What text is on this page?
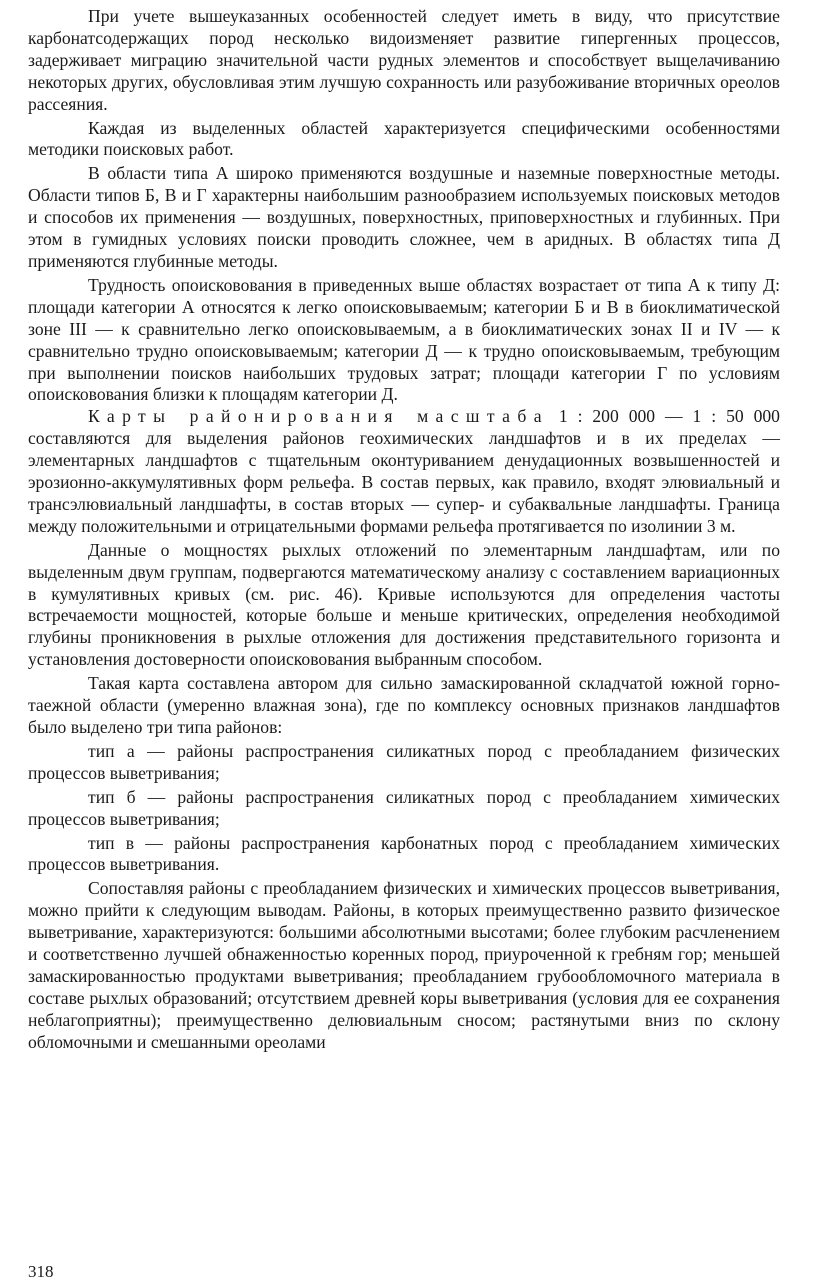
При учете вышеуказанных особенностей следует иметь в виду, что присутствие карбонатсодержащих пород несколько видоизменяет развитие гипергенных процессов, задерживает миграцию значительной части рудных элементов и способствует выщелачиванию некоторых других, обусловливая этим лучшую сохранность или разубоживание вторичных ореолов рассеяния.

Каждая из выделенных областей характеризуется специфическими особенностями методики поисковых работ.

В области типа А широко применяются воздушные и наземные поверхностные методы. Области типов Б, В и Г характерны наибольшим разнообразием используемых поисковых методов и способов их применения — воздушных, поверхностных, приповерхностных и глубинных. При этом в гумидных условиях поиски проводить сложнее, чем в аридных. В областях типа Д применяются глубинные методы.

Трудность опоисковования в приведенных выше областях возрастает от типа А к типу Д: площади категории А относятся к легко опоисковываемым; категории Б и В в биоклиматической зоне III — к сравнительно легко опоисковываемым, а в биоклиматических зонах II и IV — к сравнительно трудно опоисковываемым; категории Д — к трудно опоисковываемым, требующим при выполнении поисков наибольших трудовых затрат; площади категории Г по условиям опоисковования близки к площадям категории Д.

Карты районирования масштаба 1 : 200 000 — 1 : 50 000 составляются для выделения районов геохимических ландшафтов и в их пределах — элементарных ландшафтов с тщательным оконтуриванием денудационных возвышенностей и эрозионно-аккумулятивных форм рельефа. В состав первых, как правило, входят элювиальный и трансэлювиальный ландшафты, в состав вторых — супер- и субаквальные ландшафты. Граница между положительными и отрицательными формами рельефа протягивается по изолинии 3 м.

Данные о мощностях рыхлых отложений по элементарным ландшафтам, или по выделенным двум группам, подвергаются математическому анализу с составлением вариационных в кумулятивных кривых (см. рис. 46). Кривые используются для определения частоты встречаемости мощностей, которые больше и меньше критических, определения необходимой глубины проникновения в рыхлые отложения для достижения представительного горизонта и установления достоверности опоисковования выбранным способом.

Такая карта составлена автором для сильно замаскированной складчатой южной горно-таежной области (умеренно влажная зона), где по комплексу основных признаков ландшафтов было выделено три типа районов:

тип а — районы распространения силикатных пород с преобладанием физических процессов выветривания;

тип б — районы распространения силикатных пород с преобладанием химических процессов выветривания;

тип в — районы распространения карбонатных пород с преобладанием химических процессов выветривания.

Сопоставляя районы с преобладанием физических и химических процессов выветривания, можно прийти к следующим выводам. Районы, в которых преимущественно развито физическое выветривание, характеризуются: большими абсолютными высотами; более глубоким расчленением и соответственно лучшей обнаженностью коренных пород, приуроченной к гребням гор; меньшей замаскированностью продуктами выветривания; преобладанием грубообломочного материала в составе рыхлых образований; отсутствием древней коры выветривания (условия для ее сохранения неблагоприятны); преимущественно делювиальным сносом; растянутыми вниз по склону обломочными и смешанными ореолами

318
